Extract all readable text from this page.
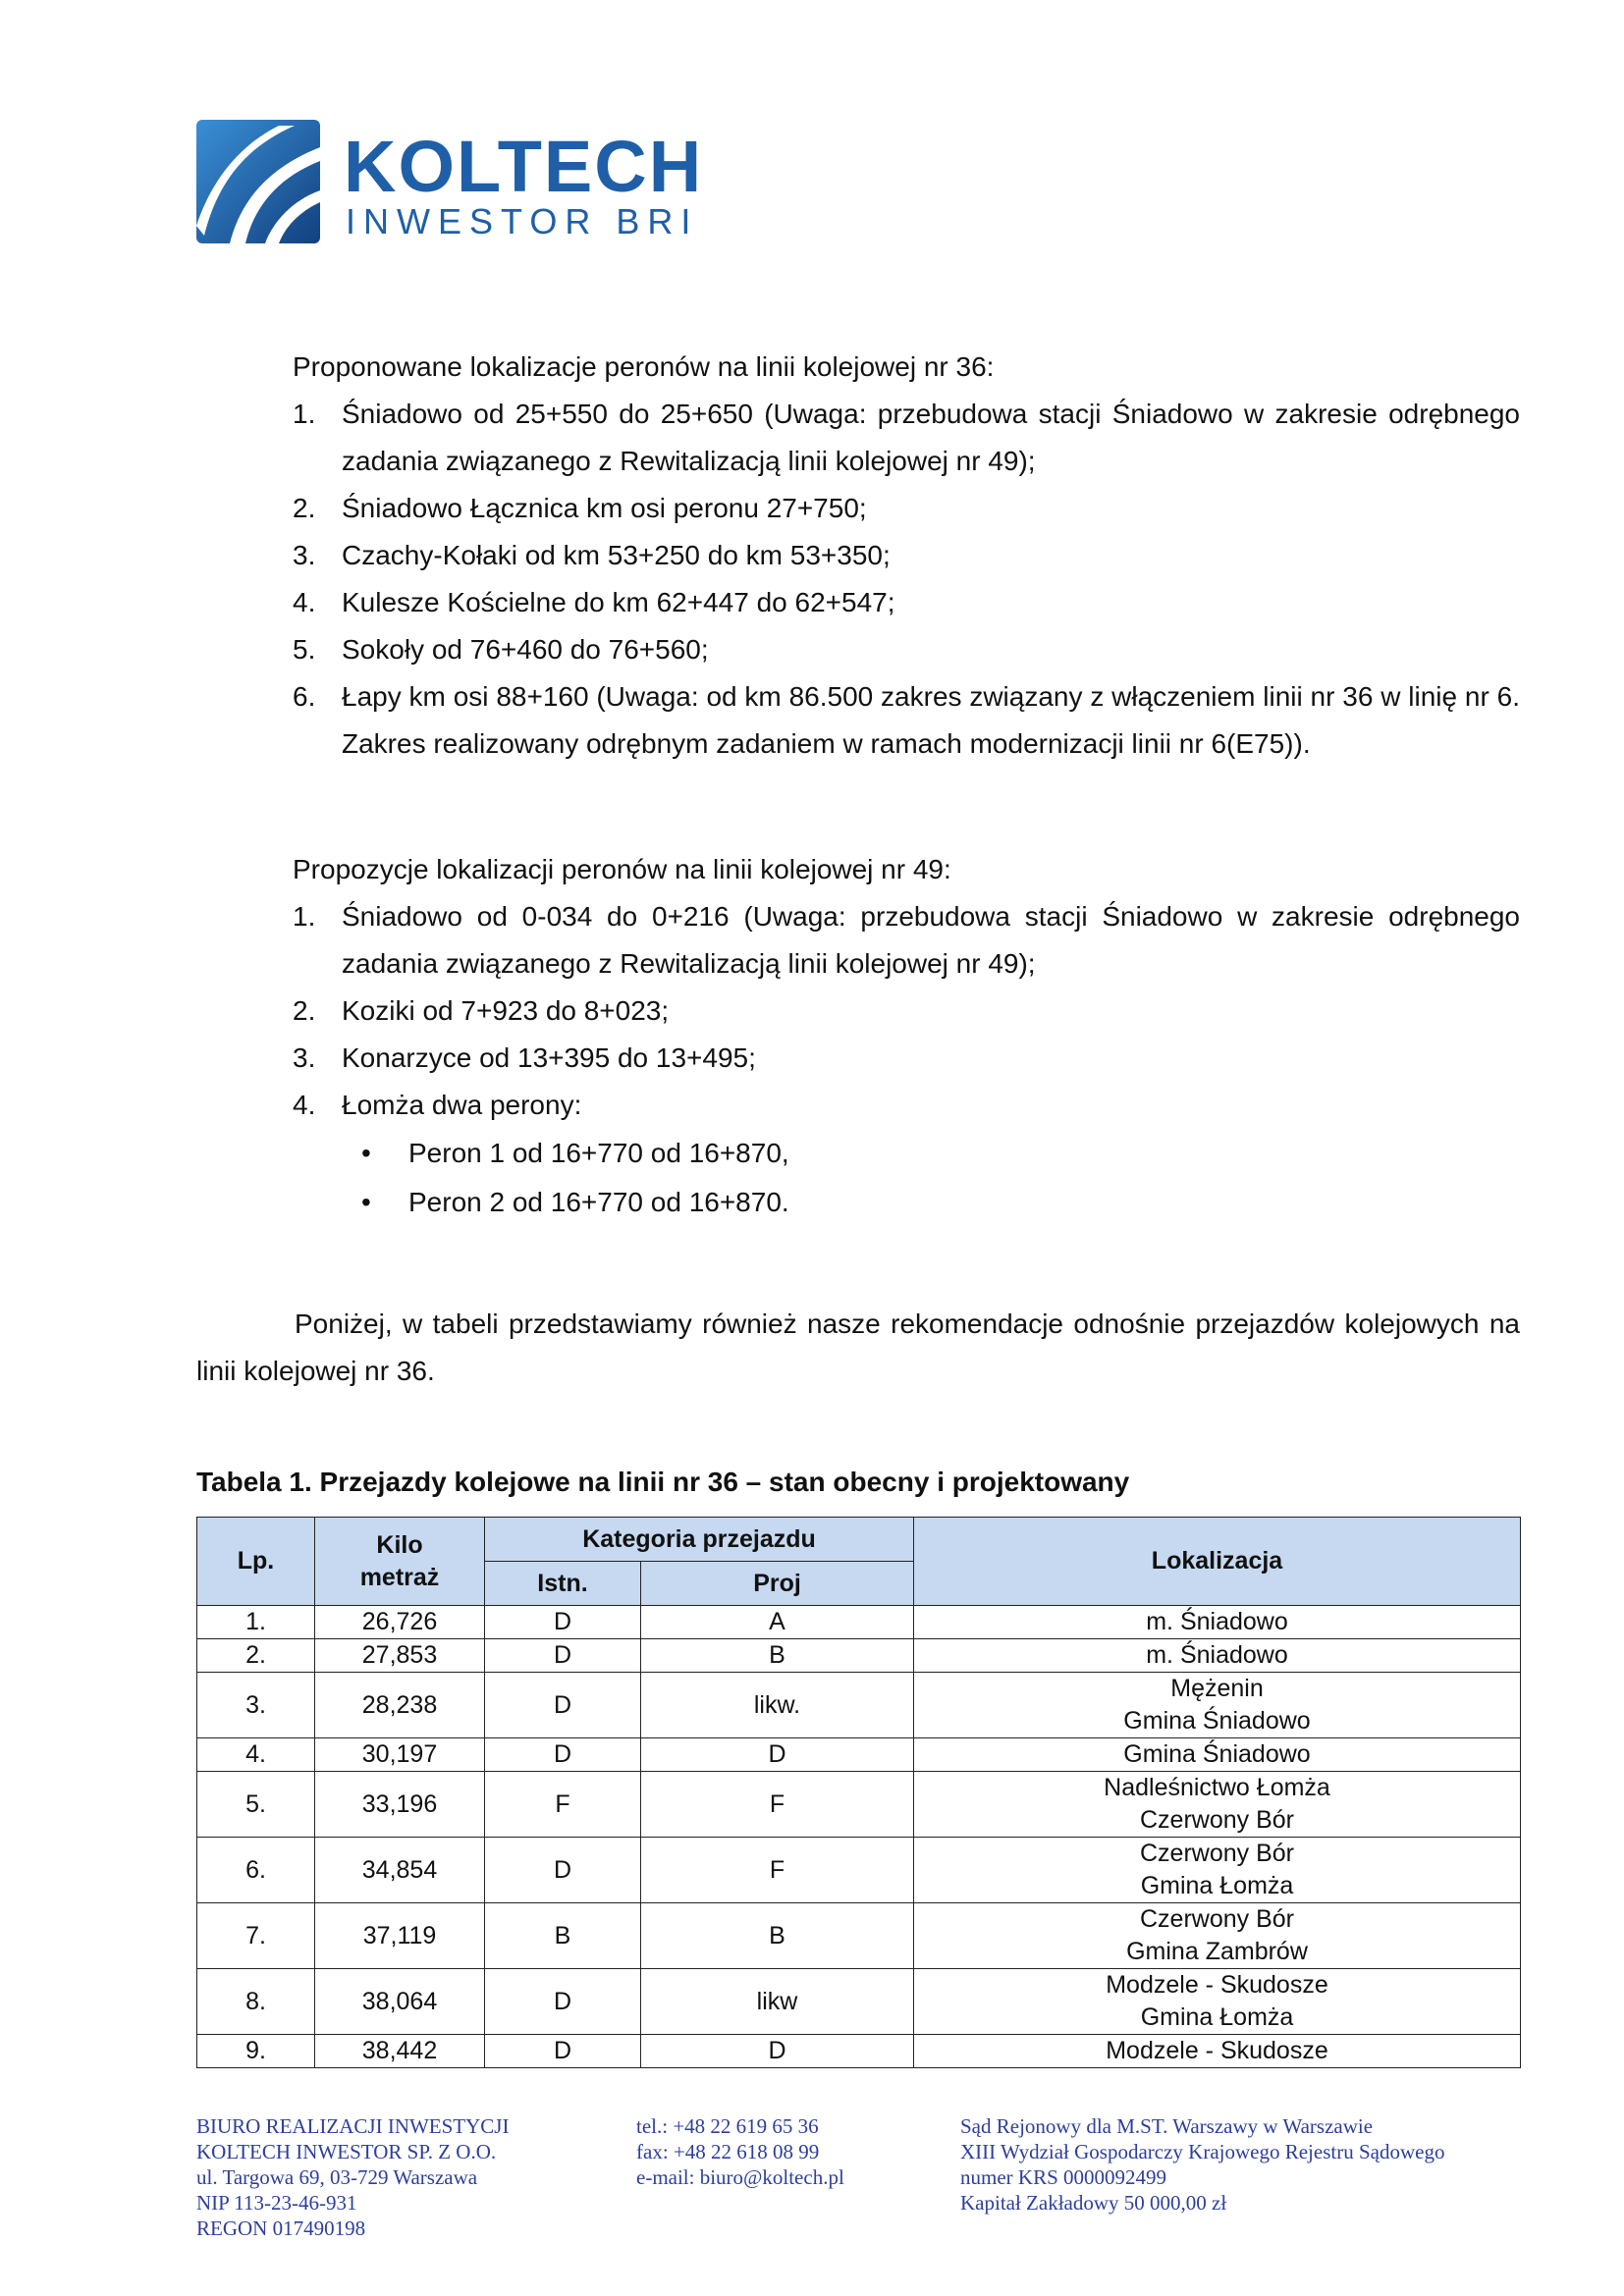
KOLTECH
INWESTOR BRI
Proponowane lokalizacje peronów na linii kolejowej nr 36:
1. Śniadowo od 25+550 do 25+650 (Uwaga: przebudowa stacji Śniadowo w zakresie odrębnego zadania związanego z Rewitalizacją linii kolejowej nr 49);
2. Śniadowo Łącznica km osi peronu 27+750;
3. Czachy-Kołaki od km 53+250 do km 53+350;
4. Kulesze Kościelne do km 62+447 do 62+547;
5. Sokoły od 76+460 do 76+560;
6. Łapy km osi 88+160 (Uwaga: od km 86.500 zakres związany z włączeniem linii nr 36 w linię nr 6. Zakres realizowany odrębnym zadaniem w ramach modernizacji linii nr 6(E75)).
Propozycje lokalizacji peronów na linii kolejowej nr 49:
1. Śniadowo od 0-034 do 0+216 (Uwaga: przebudowa stacji Śniadowo w zakresie odrębnego zadania związanego z Rewitalizacją linii kolejowej nr 49);
2. Koziki od 7+923 do 8+023;
3. Konarzyce od 13+395 do 13+495;
4. Łomża dwa perony:
• Peron 1 od 16+770 od 16+870,
• Peron 2 od 16+770 od 16+870.
Poniżej, w tabeli przedstawiamy również nasze rekomendacje odnośnie przejazdów kolejowych na linii kolejowej nr 36.
Tabela 1. Przejazdy kolejowe na linii nr 36 – stan obecny i projektowany
Lp.	Kilo
metraż	Kategoria przejazdu		Lokalizacja
		Istn.	Proj	
1.	26,726	D	A	m. Śniadowo

2.	27,853	D	B	m. Śniadowo

3.	28,238	D	likw.	Mężenin
Gmina Śniadowo

4.	30,197	D	D	Gmina Śniadowo

5.	33,196	F	F	Nadleśnictwo Łomża
Czerwony Bór

6.	34,854	D	F	Czerwony Bór
Gmina Łomża

7.	37,119	B	B	Czerwony Bór
Gmina Zambrów

8.	38,064	D	likw	Modzele - Skudosze
Gmina Łomża

9.	38,442	D	D	Modzele - Skudosze
BIURO REALIZACJI INWESTYCJI
KOLTECH INWESTOR SP. Z O.O.
ul. Targowa 69, 03-729 Warszawa
NIP 113-23-46-931
REGON 017490198
tel.: +48 22 619 65 36
fax: +48 22 618 08 99
e-mail: biuro@koltech.pl
Sąd Rejonowy dla M.ST. Warszawy w Warszawie
XIII Wydział Gospodarczy Krajowego Rejestru Sądowego
numer KRS 0000092499
Kapitał Zakładowy 50 000,00 zł
